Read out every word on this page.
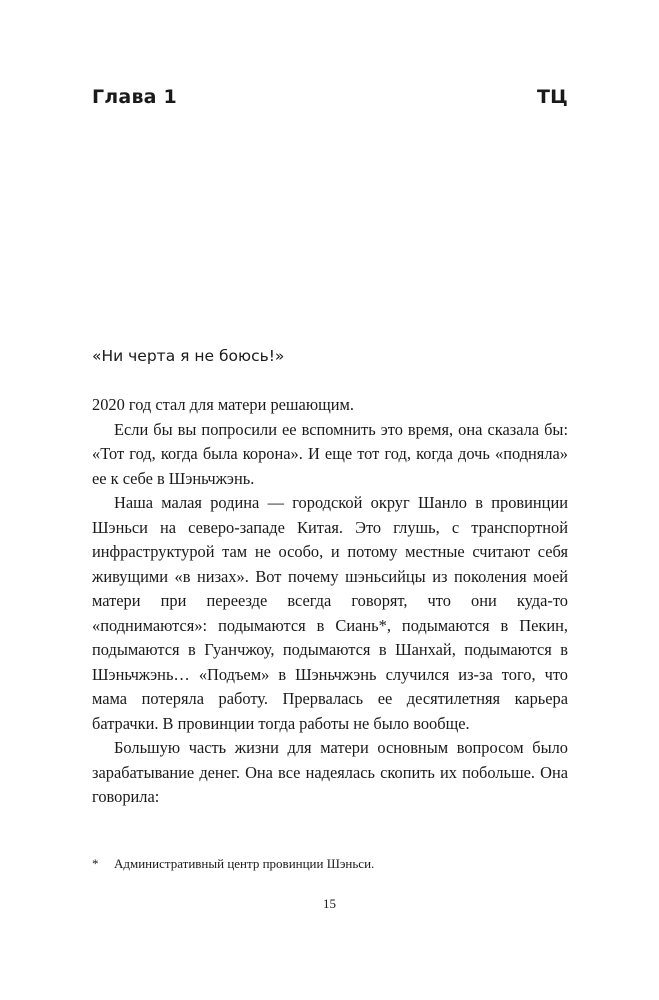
Глава 1	ТЦ
«Ни черта я не боюсь!»

2020 год стал для матери решающим.

Если бы вы попросили ее вспомнить это время, она сказала бы: «Тот год, когда была корона». И еще тот год, когда дочь «подняла» ее к себе в Шэньчжэнь.

Наша малая родина — городской округ Шанло в провинции Шэньси на северо-западе Китая. Это глушь, с транспортной инфраструктурой там не особо, и потому местные считают себя живущими «в низах». Вот почему шэньсийцы из поколения моей матери при переезде всегда говорят, что они куда-то «поднимаются»: подымаются в Сиань*, подымаются в Пекин, подымаются в Гуанчжоу, подымаются в Шанхай, подымаются в Шэньчжэнь… «Подъем» в Шэньчжэнь случился из-за того, что мама потеряла работу. Прервалась ее десятилетняя карьера батрачки. В провинции тогда работы не было вообще.

Большую часть жизни для матери основным вопросом было зарабатывание денег. Она все надеялась скопить их побольше. Она говорила:

*	Административный центр провинции Шэньси.
15
